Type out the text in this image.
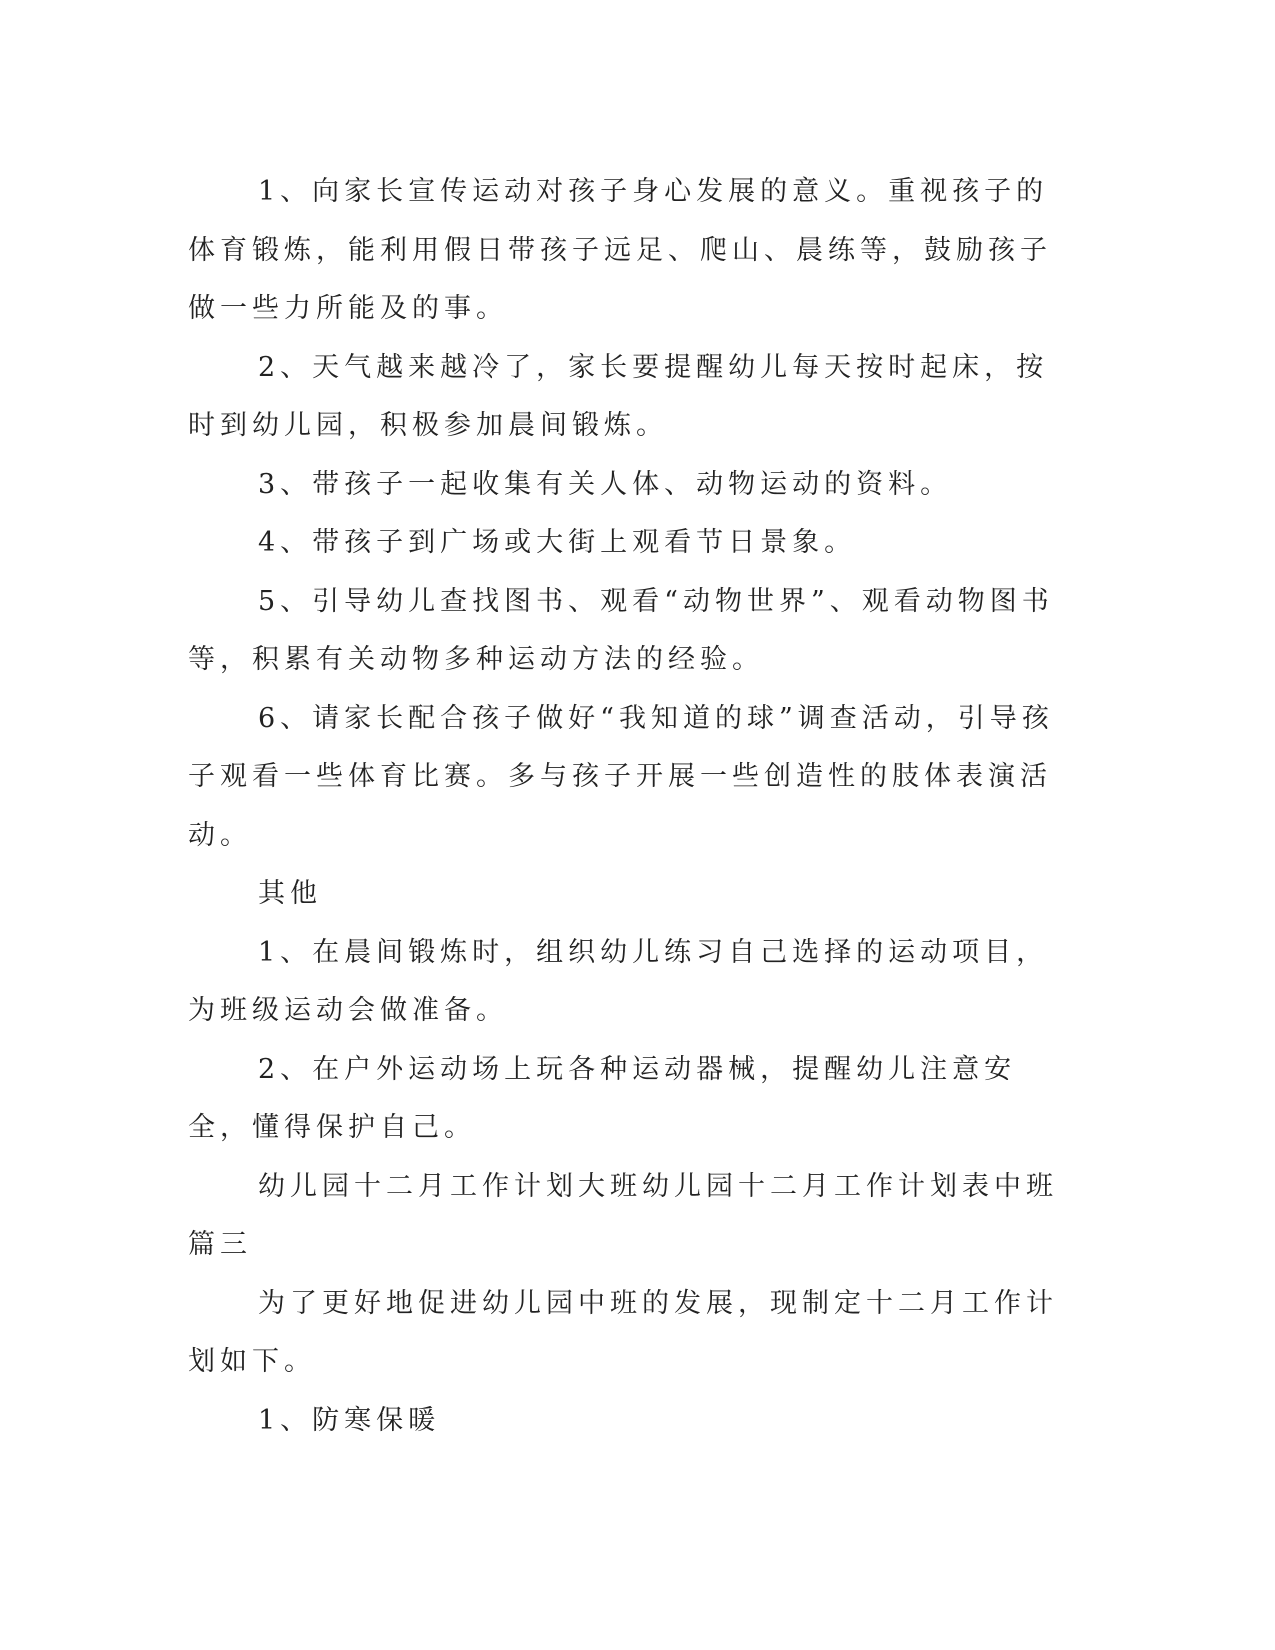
1、向家长宣传运动对孩子身心发展的意义。重视孩子的体育锻炼，能利用假日带孩子远足、爬山、晨练等，鼓励孩子做一些力所能及的事。

2、天气越来越冷了，家长要提醒幼儿每天按时起床，按时到幼儿园，积极参加晨间锻炼。

3、带孩子一起收集有关人体、动物运动的资料。

4、带孩子到广场或大街上观看节日景象。

5、引导幼儿查找图书、观看“动物世界”、观看动物图书等，积累有关动物多种运动方法的经验。

6、请家长配合孩子做好“我知道的球”调查活动，引导孩子观看一些体育比赛。多与孩子开展一些创造性的肢体表演活动。

其他

1、在晨间锻炼时，组织幼儿练习自己选择的运动项目，为班级运动会做准备。

2、在户外运动场上玩各种运动器械，提醒幼儿注意安全，懂得保护自己。

幼儿园十二月工作计划大班幼儿园十二月工作计划表中班篇三

为了更好地促进幼儿园中班的发展，现制定十二月工作计划如下。

1、防寒保暖
